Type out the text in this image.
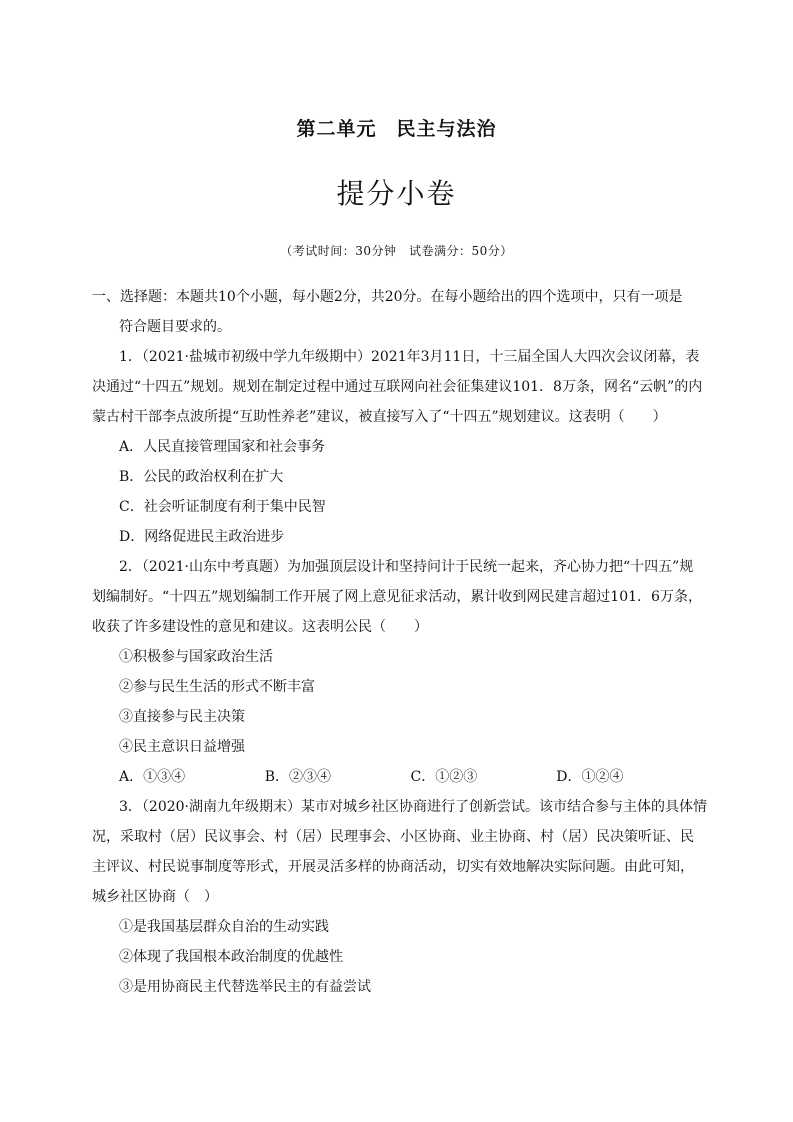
第二单元　民主与法治
提分小卷
（考试时间：30分钟　试卷满分：50分）
一、选择题：本题共10个小题，每小题2分，共20分。在每小题给出的四个选项中，只有一项是
符合题目要求的。
1．（2021·盐城市初级中学九年级期中）2021年3月11日，十三届全国人大四次会议闭幕，表
决通过“十四五”规划。规划在制定过程中通过互联网向社会征集建议101．8万条，网名“云帆”的内
蒙古村干部李点波所提“互助性养老”建议，被直接写入了“十四五”规划建议。这表明（　　）
A．人民直接管理国家和社会事务
B．公民的政治权利在扩大
C．社会听证制度有利于集中民智
D．网络促进民主政治进步
2．（2021·山东中考真题）为加强顶层设计和坚持问计于民统一起来，齐心协力把“十四五”规
划编制好。“十四五”规划编制工作开展了网上意见征求活动，累计收到网民建言超过101．6万条，
收获了许多建设性的意见和建议。这表明公民（　　）
①积极参与国家政治生活
②参与民生生活的形式不断丰富
③直接参与民主决策
④民主意识日益增强
A．①③④	B．②③④	C．①②③	D．①②④
3．（2020·湖南九年级期末）某市对城乡社区协商进行了创新尝试。该市结合参与主体的具体情
况，采取村（居）民议事会、村（居）民理事会、小区协商、业主协商、村（居）民决策听证、民
主评议、村民说事制度等形式，开展灵活多样的协商活动，切实有效地解决实际问题。由此可知，
城乡社区协商（　）
①是我国基层群众自治的生动实践
②体现了我国根本政治制度的优越性
③是用协商民主代替选举民主的有益尝试
